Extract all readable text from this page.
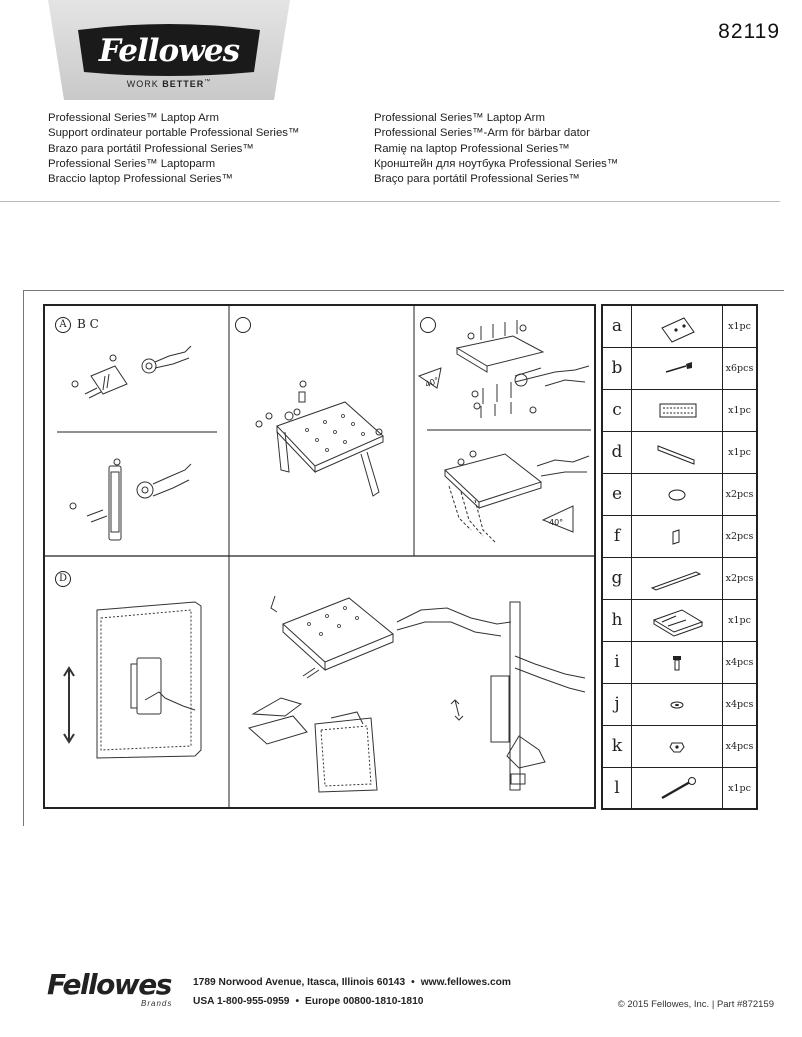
Fellowes
WORK BETTER™
82119
Professional Series™ Laptop Arm
Support ordinateur portable Professional Series™
Brazo para portátil Professional Series™
Professional Series™ Laptoparm
Braccio laptop Professional Series™
Professional Series™ Laptop Arm
Professional Series™-Arm för bärbar dator
Ramię na laptop Professional Series™
Кронштейн для ноутбука Professional Series™
Braço para portátil Professional Series™
A B C
D
40°
40°
a	x1pc
b	x6pcs
c	x1pc
d	x1pc
e	x2pcs
f	x2pcs
g	x2pcs
h	x1pc
i	x4pcs
j	x4pcs
k	x4pcs
l	x1pc
Fellowes
Brands
1789 Norwood Avenue, Itasca, Illinois 60143 • www.fellowes.com
USA 1-800-955-0959 • Europe 00800-1810-1810	© 2015 Fellowes, Inc. | Part #872159
